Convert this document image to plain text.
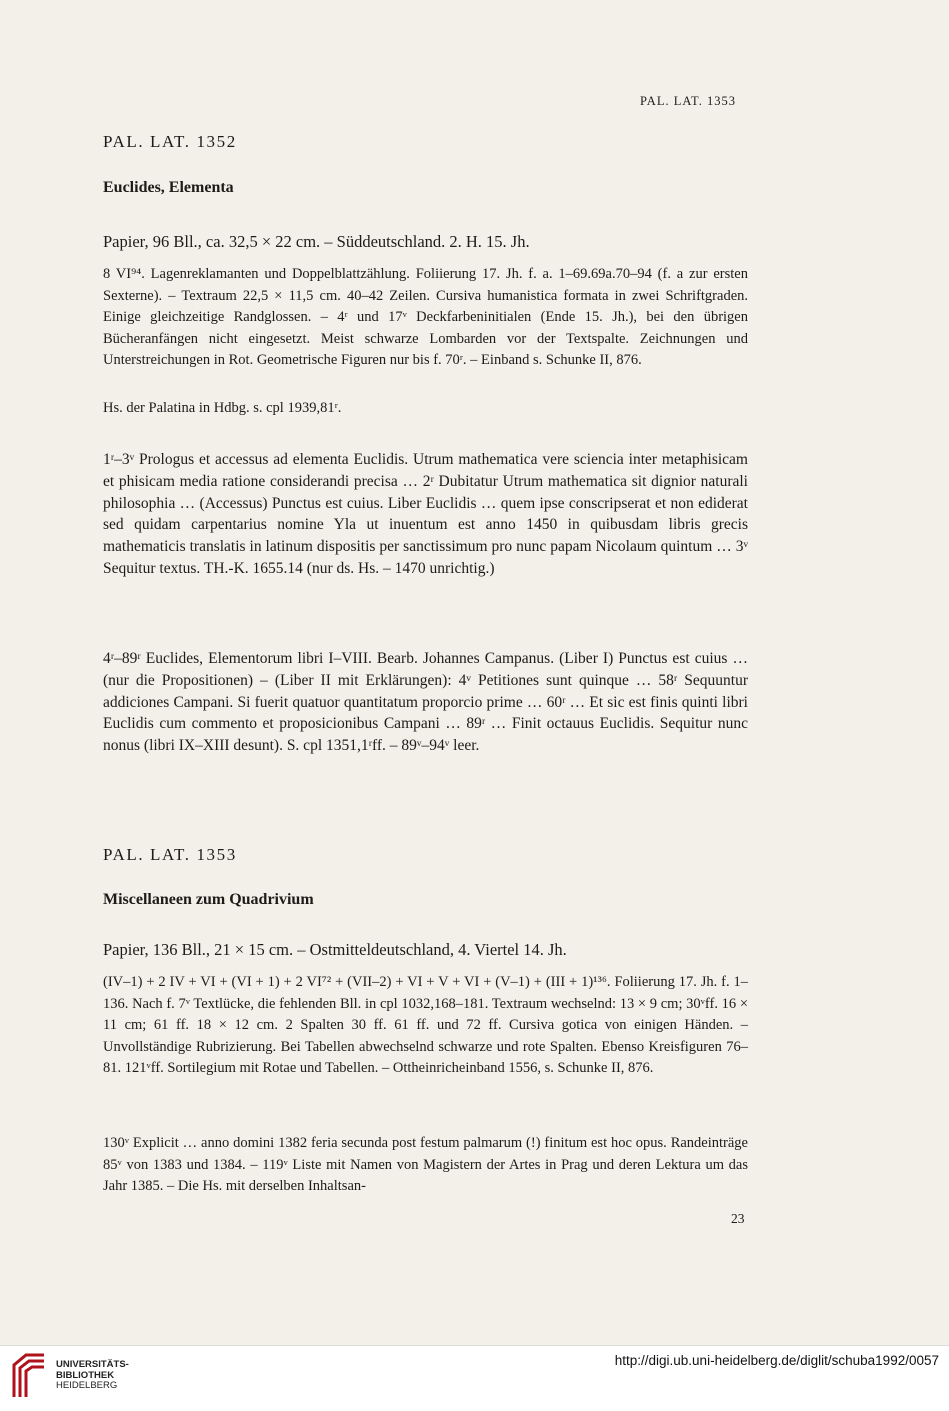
PAL. LAT. 1353
PAL. LAT. 1352
Euclides, Elementa
Papier, 96 Bll., ca. 32,5 × 22 cm. – Süddeutschland. 2. H. 15. Jh.
8 VI⁹⁴. Lagenreklamanten und Doppelblattzählung. Foliierung 17. Jh. f. a. 1–69.69a.70–94 (f. a zur ersten Sexterne). – Textraum 22,5 × 11,5 cm. 40–42 Zeilen. Cursiva humanistica formata in zwei Schriftgraden. Einige gleichzeitige Randglossen. – 4ʳ und 17ᵛ Deckfarbeninitialen (Ende 15. Jh.), bei den übrigen Bücheranfängen nicht eingesetzt. Meist schwarze Lombarden vor der Textspalte. Zeichnungen und Unterstreichungen in Rot. Geometrische Figuren nur bis f. 70ʳ. – Einband s. Schunke II, 876.
Hs. der Palatina in Hdbg. s. cpl 1939,81ʳ.
1ʳ–3ᵛ Prologus et accessus ad elementa Euclidis. Utrum mathematica vere sciencia inter metaphisicam et phisicam media ratione considerandi precisa … 2ʳ Dubitatur Utrum mathematica sit dignior naturali philosophia … (Accessus) Punctus est cuius. Liber Euclidis … quem ipse conscripserat et non ediderat sed quidam carpentarius nomine Yla ut inuentum est anno 1450 in quibusdam libris grecis mathematicis translatis in latinum dispositis per sanctissimum pro nunc papam Nicolaum quintum … 3ᵛ Sequitur textus. TH.-K. 1655.14 (nur ds. Hs. – 1470 unrichtig.)
4ʳ–89ʳ Euclides, Elementorum libri I–VIII. Bearb. Johannes Campanus. (Liber I) Punctus est cuius … (nur die Propositionen) – (Liber II mit Erklärungen): 4ᵛ Petitiones sunt quinque … 58ʳ Sequuntur addiciones Campani. Si fuerit quatuor quantitatum proporcio prime … 60ʳ … Et sic est finis quinti libri Euclidis cum commento et proposicionibus Campani … 89ʳ … Finit octauus Euclidis. Sequitur nunc nonus (libri IX–XIII desunt). S. cpl 1351,1ʳff. – 89ᵛ–94ᵛ leer.
PAL. LAT. 1353
Miscellaneen zum Quadrivium
Papier, 136 Bll., 21 × 15 cm. – Ostmitteldeutschland, 4. Viertel 14. Jh.
(IV–1) + 2 IV + VI + (VI + 1) + 2 VI⁷² + (VII–2) + VI + V + VI + (V–1) + (III + 1)¹³⁶. Foliierung 17. Jh. f. 1–136. Nach f. 7ᵛ Textlücke, die fehlenden Bll. in cpl 1032,168–181. Textraum wechselnd: 13 × 9 cm; 30ᵛff. 16 × 11 cm; 61 ff. 18 × 12 cm. 2 Spalten 30 ff. 61 ff. und 72 ff. Cursiva gotica von einigen Händen. – Unvollständige Rubrizierung. Bei Tabellen abwechselnd schwarze und rote Spalten. Ebenso Kreisfiguren 76–81. 121ᵛff. Sortilegium mit Rotae und Tabellen. – Ottheinricheinband 1556, s. Schunke II, 876.
130ᵛ Explicit … anno domini 1382 feria secunda post festum palmarum (!) finitum est hoc opus. Randeinträge 85ᵛ von 1383 und 1384. – 119ᵛ Liste mit Namen von Magistern der Artes in Prag und deren Lektura um das Jahr 1385. – Die Hs. mit derselben Inhaltsan-
23
UNIVERSITÄTS-
BIBLIOTHEK
HEIDELBERG
http://digi.ub.uni-heidelberg.de/diglit/schuba1992/0057
